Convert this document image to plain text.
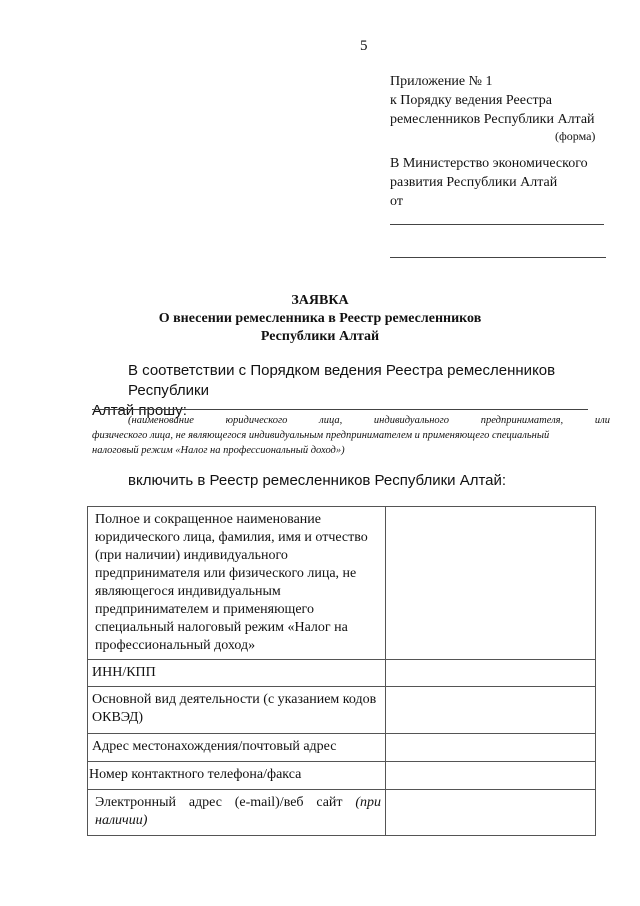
5
Приложение № 1
к Порядку ведения Реестра
ремесленников Республики Алтай
(форма)
В Министерство экономического
развития Республики Алтай
от
ЗАЯВКА
О внесении ремесленника в Реестр ремесленников
Республики Алтай
В соответствии с Порядком ведения Реестра ремесленников Республики
Алтай прошу:
(наименование юридического лица, индивидуального предпринимателя, или
физического лица, не являющегося индивидуальным предпринимателем и применяющего специальный
налоговый режим «Налог на профессиональный доход»)
включить в Реестр ремесленников Республики Алтай:
Полное и сокращенное наименование юридического лица, фамилия, имя и отчество (при наличии) индивидуального предпринимателя или физического лица, не являющегося индивидуальным предпринимателем и применяющего специальный налоговый режим «Налог на профессиональный доход»	

ИНН/КПП	

Основной вид деятельности (с указанием кодов ОКВЭД)	

Адрес местонахождения/почтовый адрес	

Номер контактного телефона/факса	

Электронный адрес (e-mail)/веб сайт (при наличии)	
